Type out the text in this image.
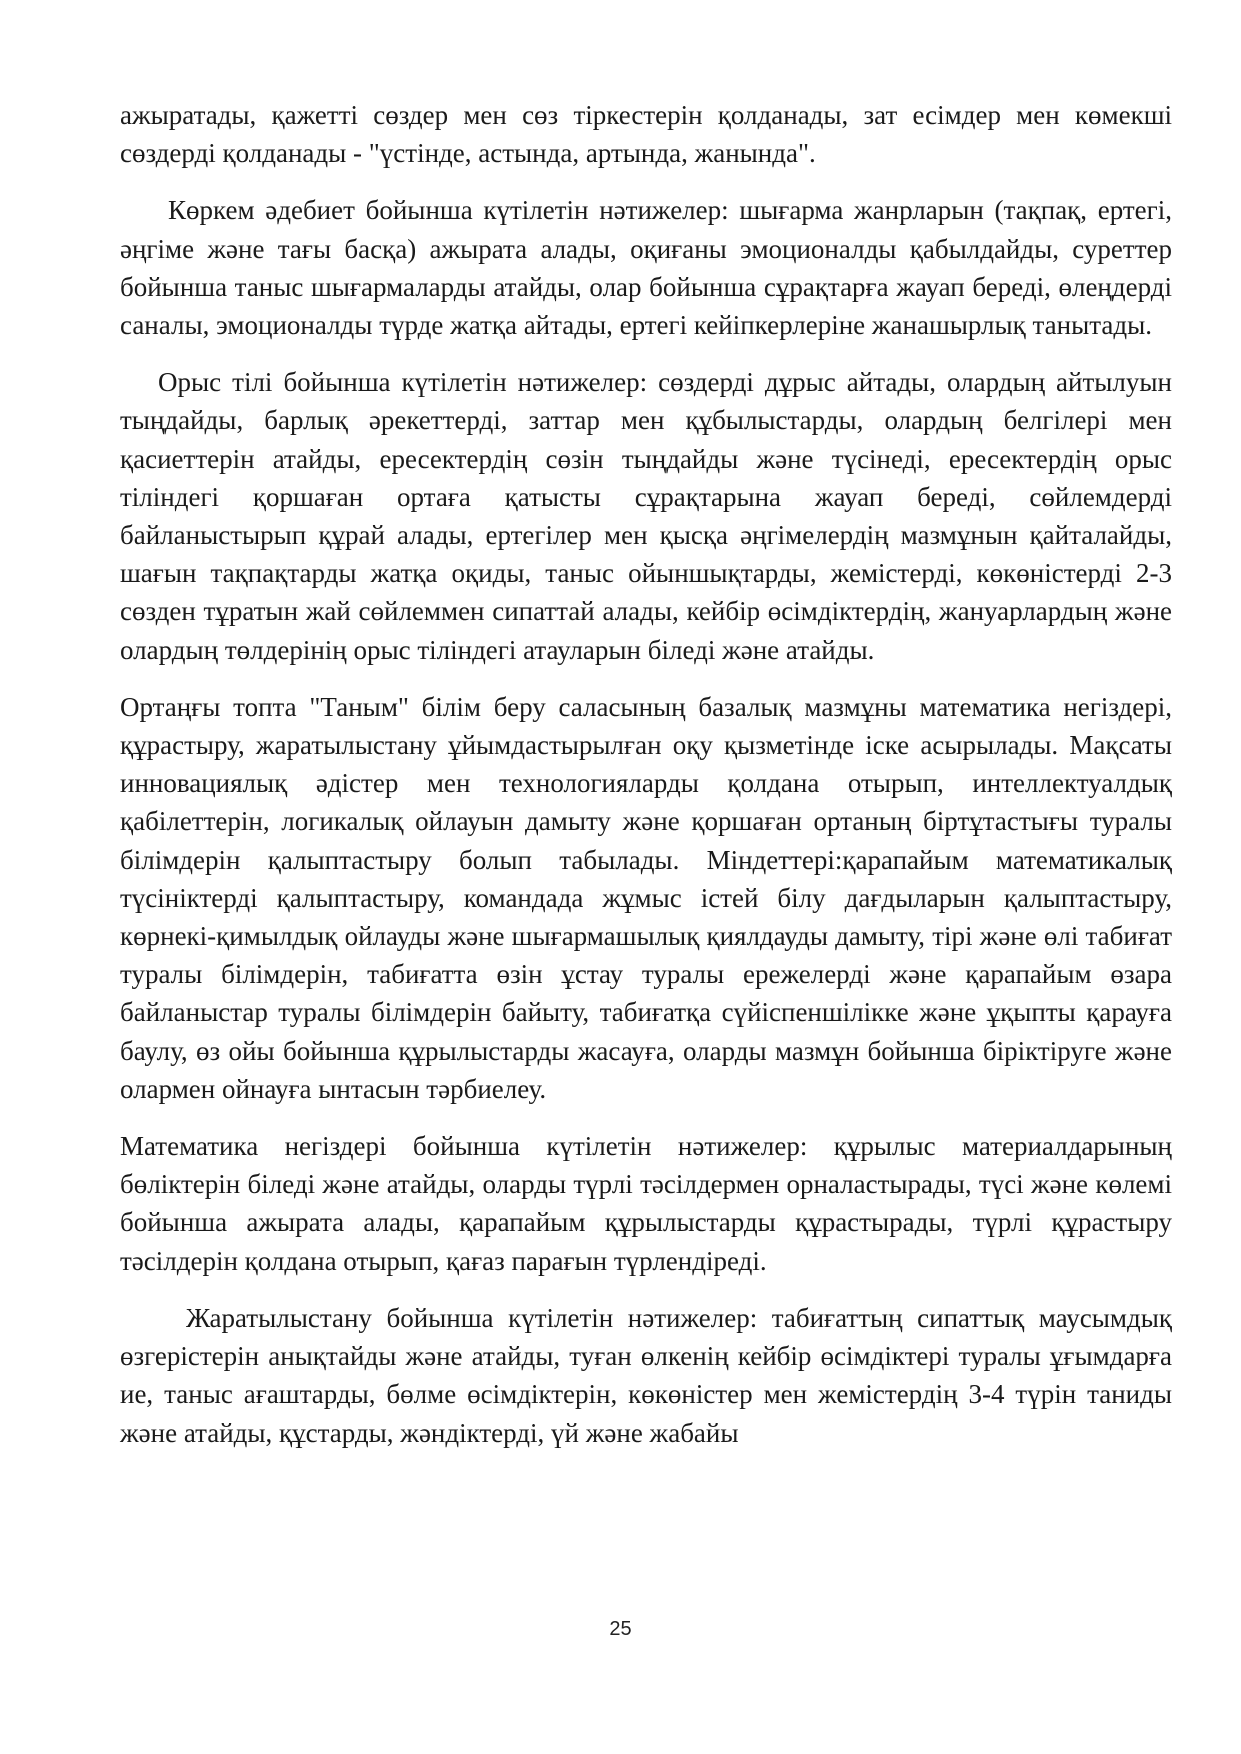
ажыратады, қажетті сөздер мен сөз тіркестерін қолданады, зат есімдер мен көмекші сөздерді қолданады - "үстінде, астында, артында, жанында".

Көркем әдебиет бойынша күтілетін нәтижелер: шығарма жанрларын (тақпақ, ертегі, әңгіме және тағы басқа) ажырата алады, оқиғаны эмоционалды қабылдайды, суреттер бойынша таныс шығармаларды атайды, олар бойынша сұрақтарға жауап береді, өлеңдерді саналы, эмоционалды түрде жатқа айтады, ертегі кейіпкерлеріне жанашырлық танытады.

Орыс тілі бойынша күтілетін нәтижелер: сөздерді дұрыс айтады, олардың айтылуын тыңдайды, барлық әрекеттерді, заттар мен құбылыстарды, олардың белгілері мен қасиеттерін атайды, ересектердің сөзін тыңдайды және түсінеді, ересектердің орыс тіліндегі қоршаған ортаға қатысты сұрақтарына жауап береді, сөйлемдерді байланыстырып құрай алады, ертегілер мен қысқа әңгімелердің мазмұнын қайталайды, шағын тақпақтарды жатқа оқиды, таныс ойыншықтарды, жемістерді, көкөністерді 2-3 сөзден тұратын жай сөйлеммен сипаттай алады, кейбір өсімдіктердің, жануарлардың және олардың төлдерінің орыс тіліндегі атауларын біледі және атайды.

Ортаңғы топта "Таным" білім беру саласының базалық мазмұны математика негіздері, құрастыру, жаратылыстану ұйымдастырылған оқу қызметінде іске асырылады. Мақсаты инновациялық әдістер мен технологияларды қолдана отырып, интеллектуалдық қабілеттерін, логикалық ойлауын дамыту және қоршаған ортаның біртұтастығы туралы білімдерін қалыптастыру болып табылады. Міндеттері:қарапайым математикалық түсініктерді қалыптастыру, командада жұмыс істей білу дағдыларын қалыптастыру, көрнекі-қимылдық ойлауды және шығармашылық қиялдауды дамыту, тірі және өлі табиғат туралы білімдерін, табиғатта өзін ұстау туралы ережелерді және қарапайым өзара байланыстар туралы білімдерін байыту, табиғатқа сүйіспеншілікке және ұқыпты қарауға баулу, өз ойы бойынша құрылыстарды жасауға, оларды мазмұн бойынша біріктіруге және олармен ойнауға ынтасын тәрбиелеу.

Математика негіздері бойынша күтілетін нәтижелер: құрылыс материалдарының бөліктерін біледі және атайды, оларды түрлі тәсілдермен орналастырады, түсі және көлемі бойынша ажырата алады, қарапайым құрылыстарды құрастырады, түрлі құрастыру тәсілдерін қолдана отырып, қағаз парағын түрлендіреді.

Жаратылыстану бойынша күтілетін нәтижелер: табиғаттың сипаттық маусымдық өзгерістерін анықтайды және атайды, туған өлкенің кейбір өсімдіктері туралы ұғымдарға ие, таныс ағаштарды, бөлме өсімдіктерін, көкөністер мен жемістердің 3-4 түрін таниды және атайды, құстарды, жәндіктерді, үй және жабайы

25
